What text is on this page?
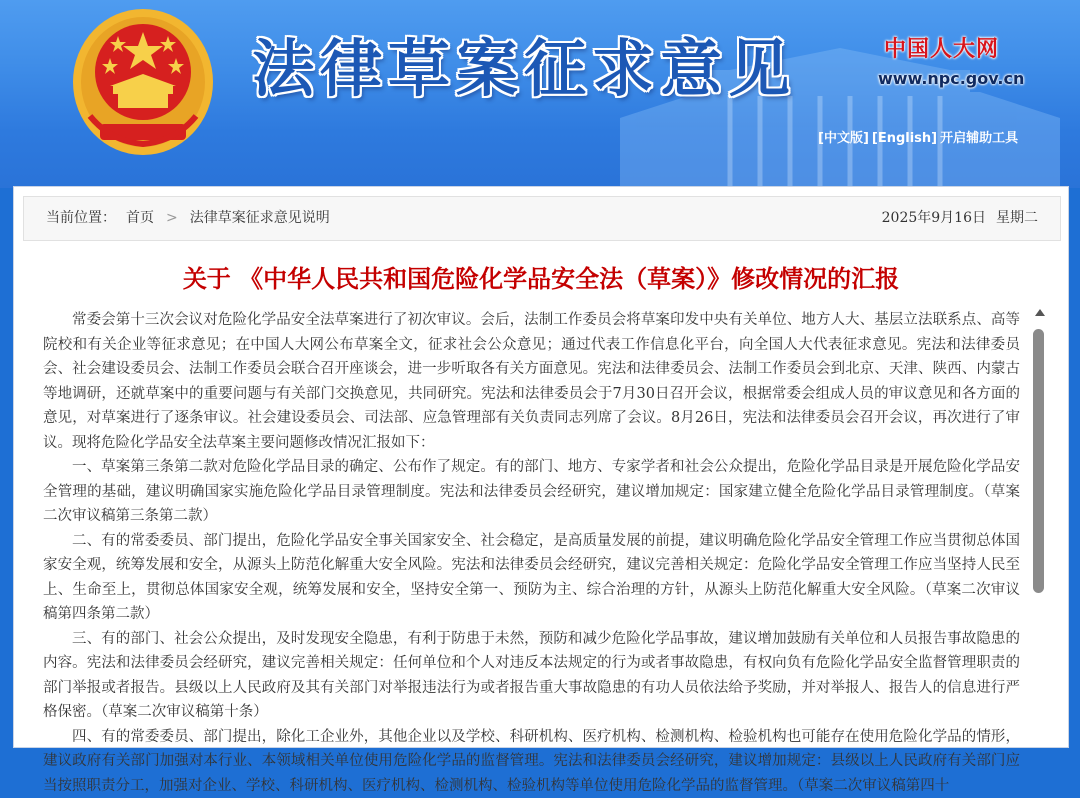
法律草案征求意见	中国人大网
www.npc.gov.cn
[中文版] [English] 开启辅助工具
当前位置： 首页 > 法律草案征求意见说明	2025年9月16日 星期二
关于 《中华人民共和国危险化学品安全法（草案）》修改情况的汇报

常委会第十三次会议对危险化学品安全法草案进行了初次审议。会后，法制工作委员会将草案印发中央有关单位、地方人大、基层立法联系点、高等院校和有关企业等征求意见；在中国人大网公布草案全文，征求社会公众意见；通过代表工作信息化平台，向全国人大代表征求意见。宪法和法律委员会、社会建设委员会、法制工作委员会联合召开座谈会，进一步听取各有关方面意见。宪法和法律委员会、法制工作委员会到北京、天津、陕西、内蒙古等地调研，还就草案中的重要问题与有关部门交换意见，共同研究。宪法和法律委员会于7月30日召开会议，根据常委会组成人员的审议意见和各方面的意见，对草案进行了逐条审议。社会建设委员会、司法部、应急管理部有关负责同志列席了会议。8月26日，宪法和法律委员会召开会议，再次进行了审议。现将危险化学品安全法草案主要问题修改情况汇报如下：

一、草案第三条第二款对危险化学品目录的确定、公布作了规定。有的部门、地方、专家学者和社会公众提出，危险化学品目录是开展危险化学品安全管理的基础，建议明确国家实施危险化学品目录管理制度。宪法和法律委员会经研究，建议增加规定：国家建立健全危险化学品目录管理制度。（草案二次审议稿第三条第二款）

二、有的常委委员、部门提出，危险化学品安全事关国家安全、社会稳定，是高质量发展的前提，建议明确危险化学品安全管理工作应当贯彻总体国家安全观，统筹发展和安全，从源头上防范化解重大安全风险。宪法和法律委员会经研究，建议完善相关规定：危险化学品安全管理工作应当坚持人民至上、生命至上，贯彻总体国家安全观，统筹发展和安全，坚持安全第一、预防为主、综合治理的方针，从源头上防范化解重大安全风险。（草案二次审议稿第四条第二款）

三、有的部门、社会公众提出，及时发现安全隐患，有利于防患于未然，预防和减少危险化学品事故，建议增加鼓励有关单位和人员报告事故隐患的内容。宪法和法律委员会经研究，建议完善相关规定：任何单位和个人对违反本法规定的行为或者事故隐患，有权向负有危险化学品安全监督管理职责的部门举报或者报告。县级以上人民政府及其有关部门对举报违法行为或者报告重大事故隐患的有功人员依法给予奖励，并对举报人、报告人的信息进行严格保密。（草案二次审议稿第十条）

四、有的常委委员、部门提出，除化工企业外，其他企业以及学校、科研机构、医疗机构、检测机构、检验机构也可能存在使用危险化学品的情形，建议政府有关部门加强对本行业、本领域相关单位使用危险化学品的监督管理。宪法和法律委员会经研究，建议增加规定：县级以上人民政府有关部门应当按照职责分工，加强对企业、学校、科研机构、医疗机构、检测机构、检验机构等单位使用危险化学品的监督管理。（草案二次审议稿第四十
